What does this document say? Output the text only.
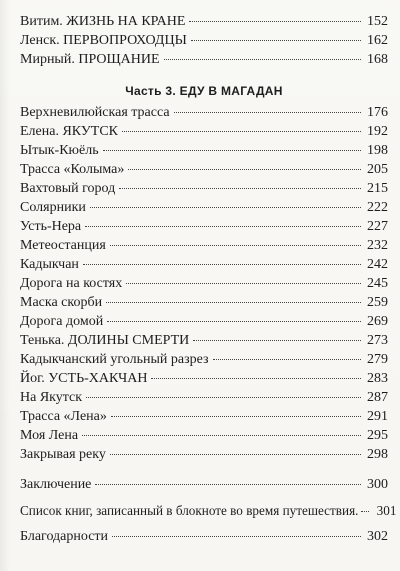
Витим. ЖИЗНЬ НА КРАНЕ	152
Ленск. ПЕРВОПРОХОДЦЫ	162
Мирный. ПРОЩАНИЕ	168
Часть 3. ЕДУ В МАГАДАН
Верхневилюйская трасса	176
Елена. ЯКУТСК	192
Ытык-Кюёль	198
Трасса «Колыма»	205
Вахтовый город	215
Солярники	222
Усть-Нера	227
Метеостанция	232
Кадыкчан	242
Дорога на костях	245
Маска скорби	259
Дорога домой	269
Тенька. ДОЛИНЫ СМЕРТИ	273
Кадыкчанский угольный разрез	279
Йог. УСТЬ-ХАКЧАН	283
На Якутск	287
Трасса «Лена»	291
Моя Лена	295
Закрывая реку	298
Заключение	300
Список книг, записанный в блокноте во время путешествия.	301
Благодарности	302
